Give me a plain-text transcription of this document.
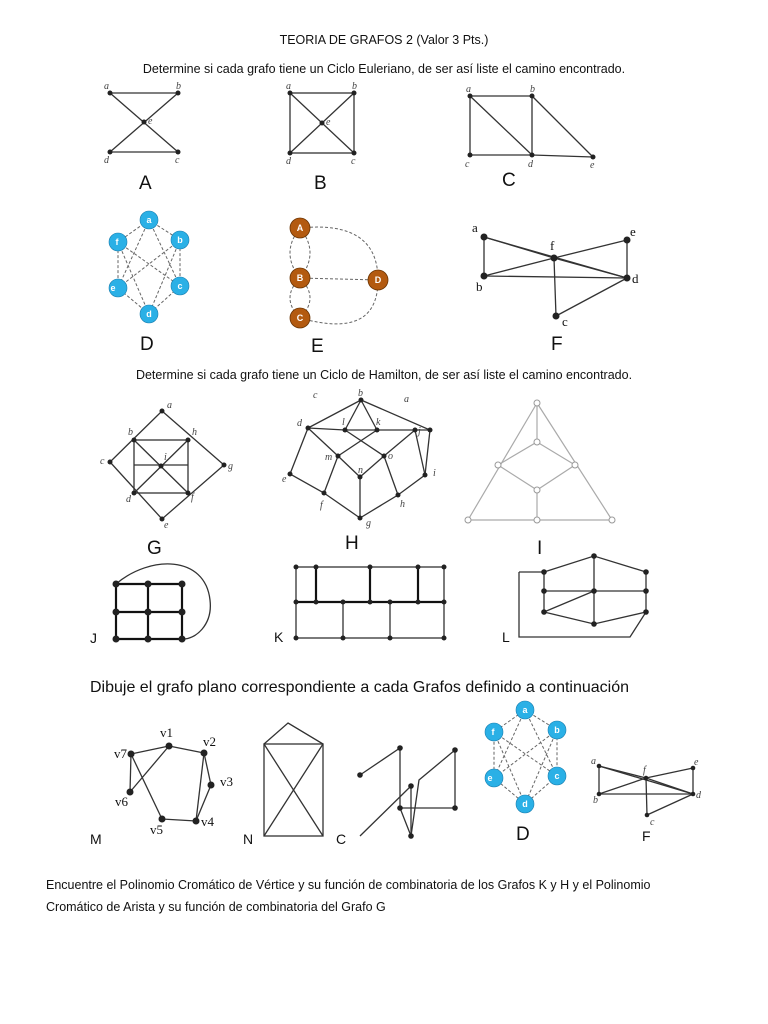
TEORIA DE GRAFOS 2 (Valor 3 Pts.)
Determine si cada grafo tiene un Ciclo Euleriano, de ser así liste el camino encontrado.
Determine si cada grafo tiene un Ciclo de Hamilton, de ser así liste el camino encontrado.
Dibuje el grafo plano correspondiente a cada Grafos definido a continuación
Encuentre el Polinomio Cromático de Vértice y su función de combinatoria de los Grafos K y H y el Polinomio
Cromático de Arista y su función de combinatoria del Grafo G
a	b
d	c
e
A
a	b
d	c
e
B
a	b
c	d	e
C
a
b
c
d
e
f
D
A
B
C
D
E
a
b
f
e
d
c
F
a
b	h
c	g
i
d	f
e
G
c	b
a
d	l	k
j
m	o
n	i
e
f	h
g
H	I
J	K	L
v1
v2
v3
v4
v5
v6
v7
M	N	C
a
b
c
d
e
f
D
a
b
f
e
d
c
F
